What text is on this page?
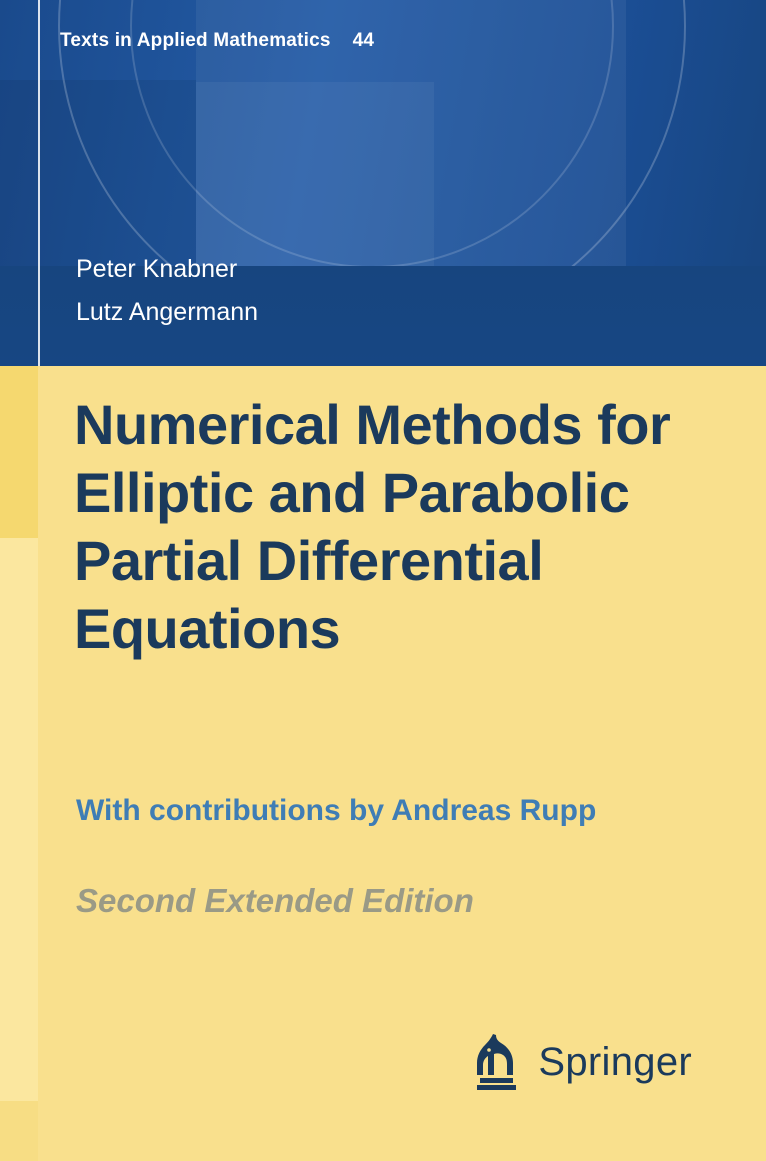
Texts in Applied Mathematics 44
Peter Knabner
Lutz Angermann
Numerical Methods for Elliptic and Parabolic Partial Differential Equations
With contributions by Andreas Rupp
Second Extended Edition
Springer
